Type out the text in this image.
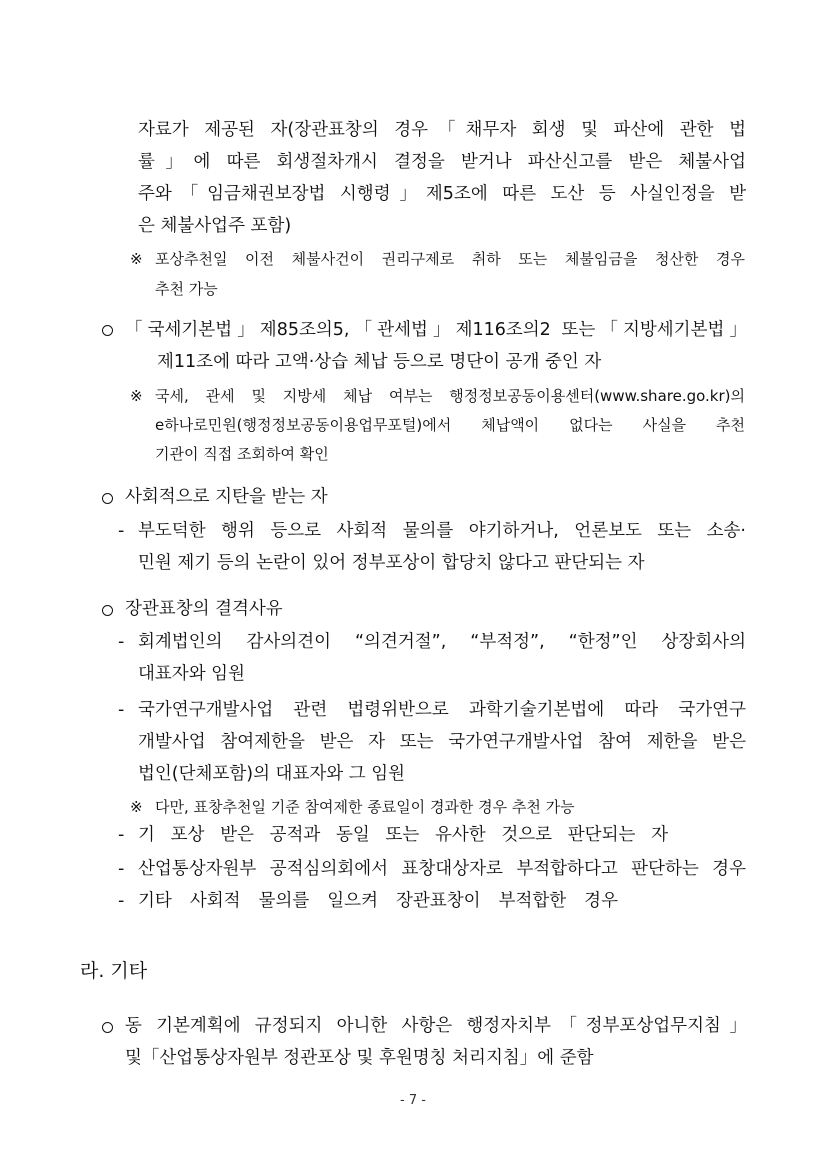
자료가 제공된 자(장관표창의 경우「채무자 회생 및 파산에 관한 법
률」에 따른 회생절차개시 결정을 받거나 파산신고를 받은 체불사업
주와「임금채권보장법 시행령」제5조에 따른 도산 등 사실인정을 받
은 체불사업주 포함)
※ 포상추천일 이전 체불사건이 권리구제로 취하 또는 체불임금을 청산한 경우
추천 가능
「국세기본법」제85조의5,「관세법」제116조의2 또는「지방세기본법」
제11조에 따라 고액·상습 체납 등으로 명단이 공개 중인 자
※ 국세, 관세 및 지방세 체납 여부는 행정정보공동이용센터(www.share.go.kr)의
e하나로민원(행정정보공동이용업무포털)에서 체납액이 없다는 사실을 추천
기관이 직접 조회하여 확인
사회적으로 지탄을 받는 자
- 부도덕한 행위 등으로 사회적 물의를 야기하거나, 언론보도 또는 소송·
민원 제기 등의 논란이 있어 정부포상이 합당치 않다고 판단되는 자
장관표창의 결격사유
- 회계법인의 감사의견이 “의견거절”, “부적정”, “한정”인 상장회사의
대표자와 임원
- 국가연구개발사업 관련 법령위반으로 과학기술기본법에 따라 국가연구
개발사업 참여제한을 받은 자 또는 국가연구개발사업 참여 제한을 받은
법인(단체포함)의 대표자와 그 임원
※ 다만, 표창추천일 기준 참여제한 종료일이 경과한 경우 추천 가능
- 기 포상 받은 공적과 동일 또는 유사한 것으로 판단되는 자
- 산업통상자원부 공적심의회에서 표창대상자로 부적합하다고 판단하는 경우
- 기타 사회적 물의를 일으켜 장관표창이 부적합한 경우
라. 기타
동 기본계획에 규정되지 아니한 사항은 행정자치부「정부포상업무지침」
및「산업통상자원부 정관포상 및 후원명칭 처리지침」에 준함
- 7 -
